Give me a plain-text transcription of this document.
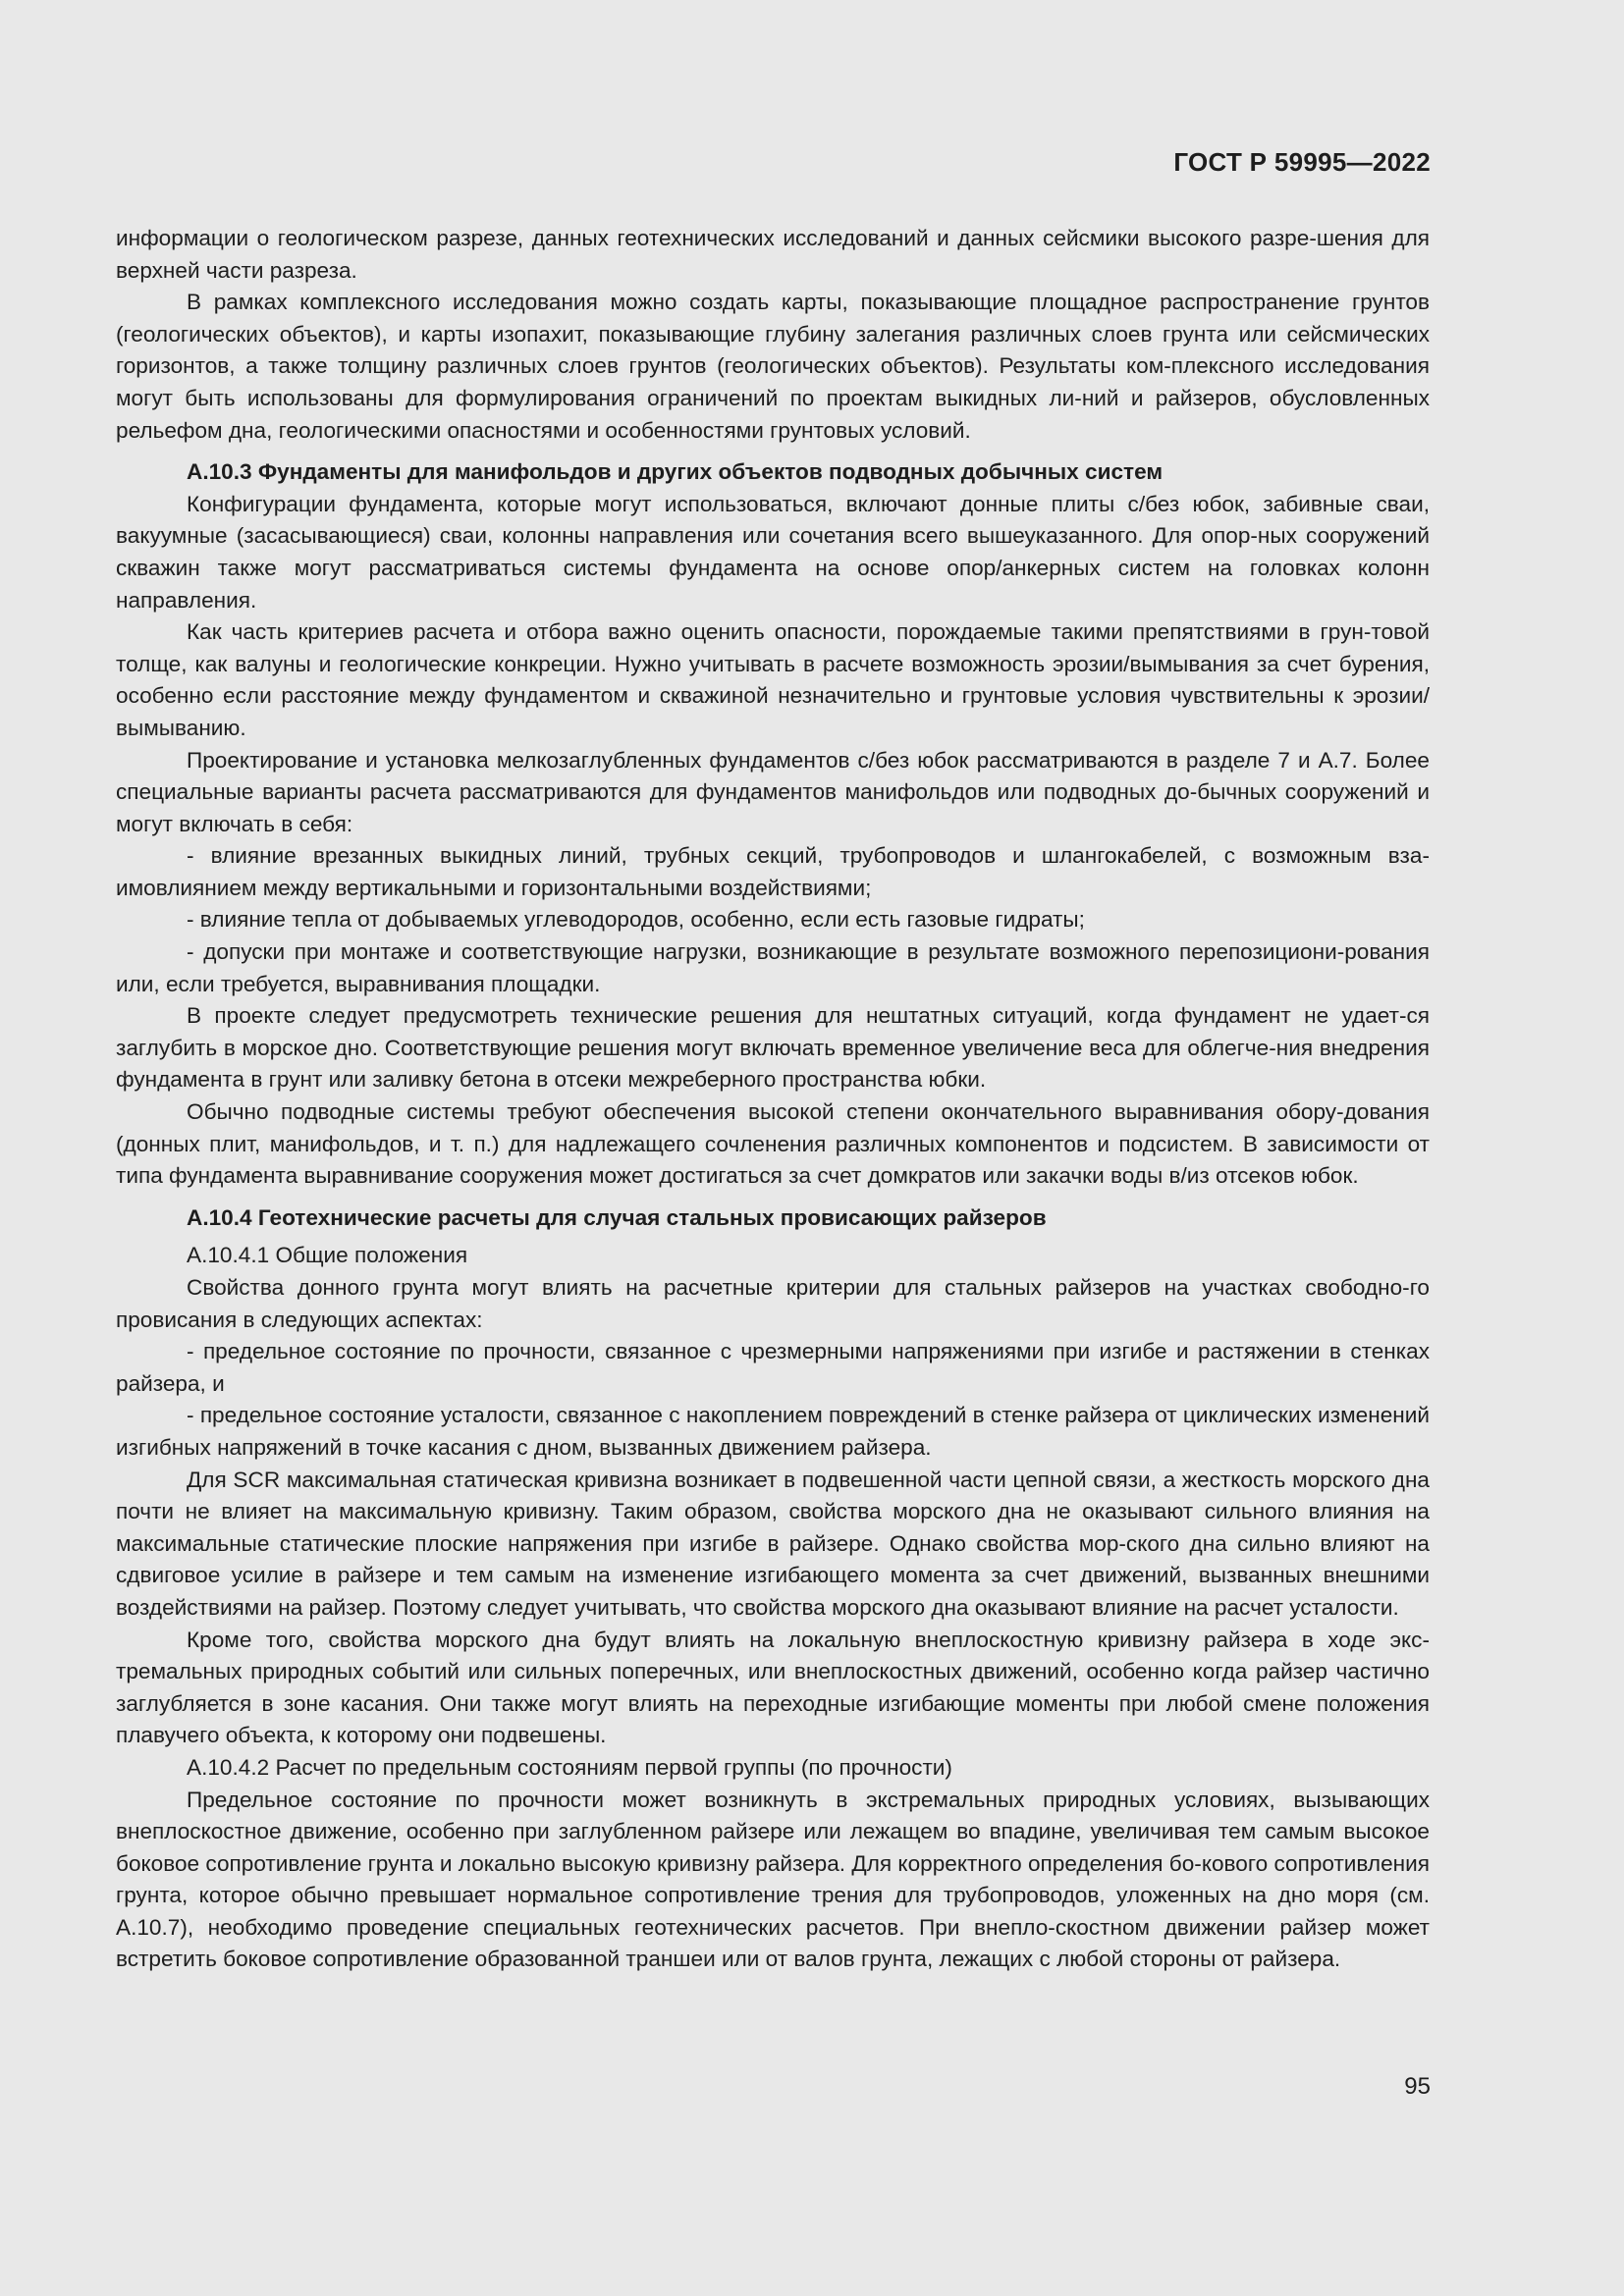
ГОСТ Р 59995—2022

информации о геологическом разрезе, данных геотехнических исследований и данных сейсмики высокого разре-шения для верхней части разреза.

В рамках комплексного исследования можно создать карты, показывающие площадное распространение грунтов (геологических объектов), и карты изопахит, показывающие глубину залегания различных слоев грунта или сейсмических горизонтов, а также толщину различных слоев грунтов (геологических объектов). Результаты ком-плексного исследования могут быть использованы для формулирования ограничений по проектам выкидных ли-ний и райзеров, обусловленных рельефом дна, геологическими опасностями и особенностями грунтовых условий.

А.10.3 Фундаменты для манифольдов и других объектов подводных добычных систем

Конфигурации фундамента, которые могут использоваться, включают донные плиты с/без юбок, забивные сваи, вакуумные (засасывающиеся) сваи, колонны направления или сочетания всего вышеуказанного. Для опор-ных сооружений скважин также могут рассматриваться системы фундамента на основе опор/анкерных систем на головках колонн направления.

Как часть критериев расчета и отбора важно оценить опасности, порождаемые такими препятствиями в грун-товой толще, как валуны и геологические конкреции. Нужно учитывать в расчете возможность эрозии/вымывания за счет бурения, особенно если расстояние между фундаментом и скважиной незначительно и грунтовые условия чувствительны к эрозии/вымыванию.

Проектирование и установка мелкозаглубленных фундаментов с/без юбок рассматриваются в разделе 7 и А.7. Более специальные варианты расчета рассматриваются для фундаментов манифольдов или подводных до-бычных сооружений и могут включать в себя:

- влияние врезанных выкидных линий, трубных секций, трубопроводов и шлангокабелей, с возможным вза-имовлиянием между вертикальными и горизонтальными воздействиями;

- влияние тепла от добываемых углеводородов, особенно, если есть газовые гидраты;

- допуски при монтаже и соответствующие нагрузки, возникающие в результате возможного перепозициони-рования или, если требуется, выравнивания площадки.

В проекте следует предусмотреть технические решения для нештатных ситуаций, когда фундамент не удает-ся заглубить в морское дно. Соответствующие решения могут включать временное увеличение веса для облегче-ния внедрения фундамента в грунт или заливку бетона в отсеки межреберного пространства юбки.

Обычно подводные системы требуют обеспечения высокой степени окончательного выравнивания обору-дования (донных плит, манифольдов, и т. п.) для надлежащего сочленения различных компонентов и подсистем. В зависимости от типа фундамента выравнивание сооружения может достигаться за счет домкратов или закачки воды в/из отсеков юбок.

А.10.4 Геотехнические расчеты для случая стальных провисающих райзеров

А.10.4.1 Общие положения

Свойства донного грунта могут влиять на расчетные критерии для стальных райзеров на участках свободно-го провисания в следующих аспектах:

- предельное состояние по прочности, связанное с чрезмерными напряжениями при изгибе и растяжении в стенках райзера, и

- предельное состояние усталости, связанное с накоплением повреждений в стенке райзера от циклических изменений изгибных напряжений в точке касания с дном, вызванных движением райзера.

Для SCR максимальная статическая кривизна возникает в подвешенной части цепной связи, а жесткость морского дна почти не влияет на максимальную кривизну. Таким образом, свойства морского дна не оказывают сильного влияния на максимальные статические плоские напряжения при изгибе в райзере. Однако свойства мор-ского дна сильно влияют на сдвиговое усилие в райзере и тем самым на изменение изгибающего момента за счет движений, вызванных внешними воздействиями на райзер. Поэтому следует учитывать, что свойства морского дна оказывают влияние на расчет усталости.

Кроме того, свойства морского дна будут влиять на локальную внеплоскостную кривизну райзера в ходе экс-тремальных природных событий или сильных поперечных, или внеплоскостных движений, особенно когда райзер частично заглубляется в зоне касания. Они также могут влиять на переходные изгибающие моменты при любой смене положения плавучего объекта, к которому они подвешены.

А.10.4.2 Расчет по предельным состояниям первой группы (по прочности)

Предельное состояние по прочности может возникнуть в экстремальных природных условиях, вызывающих внеплоскостное движение, особенно при заглубленном райзере или лежащем во впадине, увеличивая тем самым высокое боковое сопротивление грунта и локально высокую кривизну райзера. Для корректного определения бо-кового сопротивления грунта, которое обычно превышает нормальное сопротивление трения для трубопроводов, уложенных на дно моря (см. А.10.7), необходимо проведение специальных геотехнических расчетов. При внепло-скостном движении райзер может встретить боковое сопротивление образованной траншеи или от валов грунта, лежащих с любой стороны от райзера.

95
